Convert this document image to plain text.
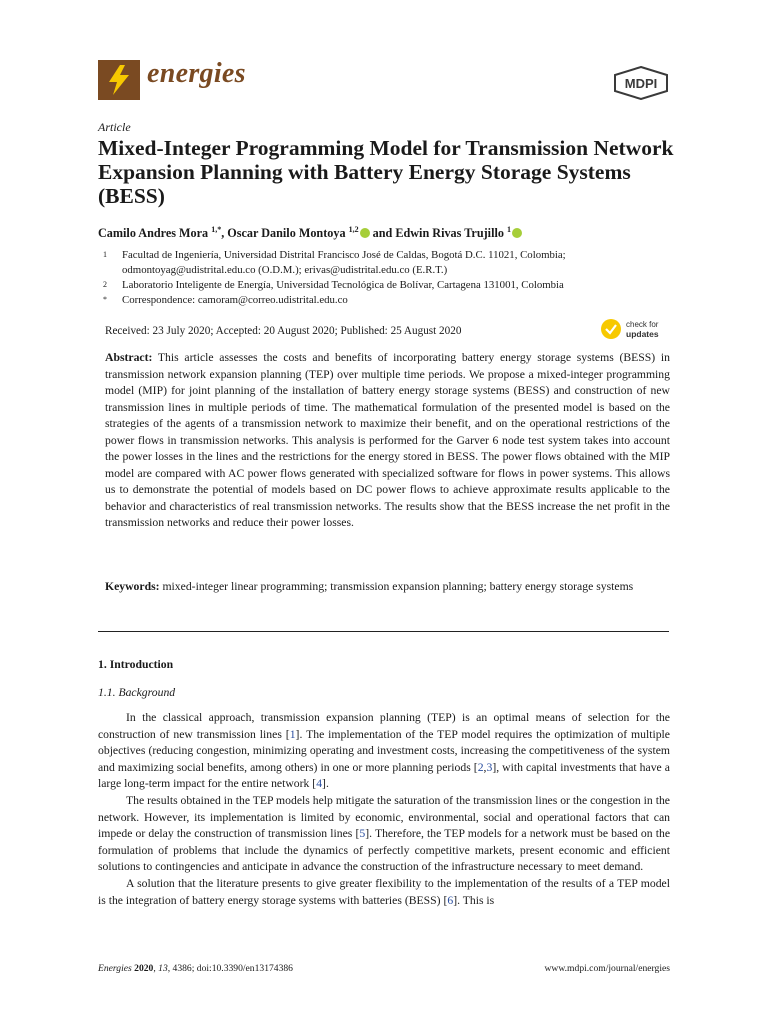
energies	MDPI
Article
Mixed-Integer Programming Model for Transmission Network Expansion Planning with Battery Energy Storage Systems (BESS)
Camilo Andres Mora $^{1,*}$, Oscar Danilo Montoya $^{1,2}$ and Edwin Rivas Trujillo $^1$
1 Facultad de Ingeniería, Universidad Distrital Francisco José de Caldas, Bogotá D.C. 11021, Colombia; odmontoyag@udistrital.edu.co (O.D.M.); erivas@udistrital.edu.co (E.R.T.)
2 Laboratorio Inteligente de Energía, Universidad Tecnológica de Bolívar, Cartagena 131001, Colombia
* Correspondence: camoram@correo.udistrital.edu.co
Received: 23 July 2020; Accepted: 20 August 2020; Published: 25 August 2020
check for
updates
Abstract: This article assesses the costs and benefits of incorporating battery energy storage systems (BESS) in transmission network expansion planning (TEP) over multiple time periods. We propose a mixed-integer programming model (MIP) for joint planning of the installation of battery energy storage systems (BESS) and construction of new transmission lines in multiple periods of time. The mathematical formulation of the presented model is based on the strategies of the agents of a transmission network to maximize their benefit, and on the operational restrictions of the power flows in transmission networks. This analysis is performed for the Garver 6 node test system takes into account the power losses in the lines and the restrictions for the energy stored in BESS. The power flows obtained with the MIP model are compared with AC power flows generated with specialized software for flows in power systems. This allows us to demonstrate the potential of models based on DC power flows to achieve approximate results applicable to the behavior and characteristics of real transmission networks. The results show that the BESS increase the net profit in the transmission networks and reduce their power losses.
Keywords: mixed-integer linear programming; transmission expansion planning; battery energy storage systems
1. Introduction
1.1. Background
In the classical approach, transmission expansion planning (TEP) is an optimal means of selection for the construction of new transmission lines [1]. The implementation of the TEP model requires the optimization of multiple objectives (reducing congestion, minimizing operating and investment costs, increasing the competitiveness of the system and maximizing social benefits, among others) in one or more planning periods [2,3], with capital investments that have a large long-term impact for the entire network [4].
The results obtained in the TEP models help mitigate the saturation of the transmission lines or the congestion in the network. However, its implementation is limited by economic, environmental, social and operational factors that can impede or delay the construction of transmission lines [5]. Therefore, the TEP models for a network must be based on the formulation of problems that include the dynamics of perfectly competitive markets, present economic and efficient solutions to contingencies and anticipate in advance the construction of the infrastructure necessary to meet demand.
A solution that the literature presents to give greater flexibility to the implementation of the results of a TEP model is the integration of battery energy storage systems with batteries (BESS) [6]. This is
Energies 2020, 13, 4386; doi:10.3390/en13174386	www.mdpi.com/journal/energies
